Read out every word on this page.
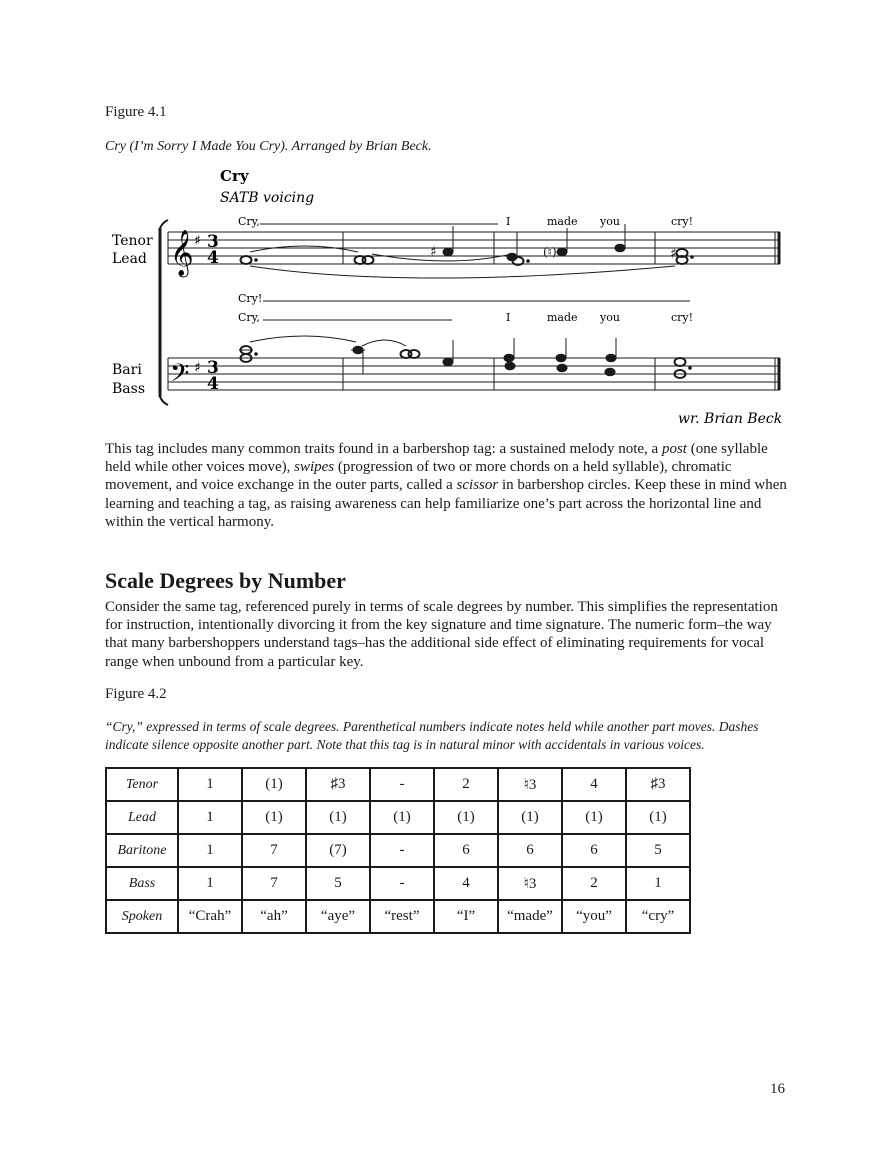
Figure 4.1
Cry (I’m Sorry I Made You Cry). Arranged by Brian Beck.
Cry
SATB voicing
Tenor
Lead
Bari
Bass
𝄞 ♯ 3
4
Cry,	I	made you	cry!
♯	(♮)	♯
Cry!
Cry,	I	made you	cry!
𝄢 ♯ 3
4
wr. Brian Beck

This tag includes many common traits found in a barbershop tag: a sustained melody note, a post (one syllable held while other voices move), swipes (progression of two or more chords on a held syllable), chromatic movement, and voice exchange in the outer parts, called a scissor in barbershop circles. Keep these in mind when learning and teaching a tag, as raising awareness can help familiarize one’s part across the horizontal line and within the vertical harmony.

Scale Degrees by Number

Consider the same tag, referenced purely in terms of scale degrees by number. This simplifies the representation for instruction, intentionally divorcing it from the key signature and time signature. The numeric form–the way that many barbershoppers understand tags–has the additional side effect of eliminating requirements for vocal range when unbound from a particular key.

Figure 4.2
“Cry,” expressed in terms of scale degrees. Parenthetical numbers indicate notes held while another part moves. Dashes indicate silence opposite another part. Note that this tag is in natural minor with accidentals in various voices.
Tenor	1	(1)	♯3	-	2	♮3	4	♯3
Lead	1	(1)	(1)	(1)	(1)	(1)	(1)	(1)
Baritone	1	7	(7)	-	6	6	6	5
Bass	1	7	5	-	4	♮3	2	1
Spoken	“Crah”	“ah”	“aye”	“rest”	“I”	“made”	“you”	“cry”
16
